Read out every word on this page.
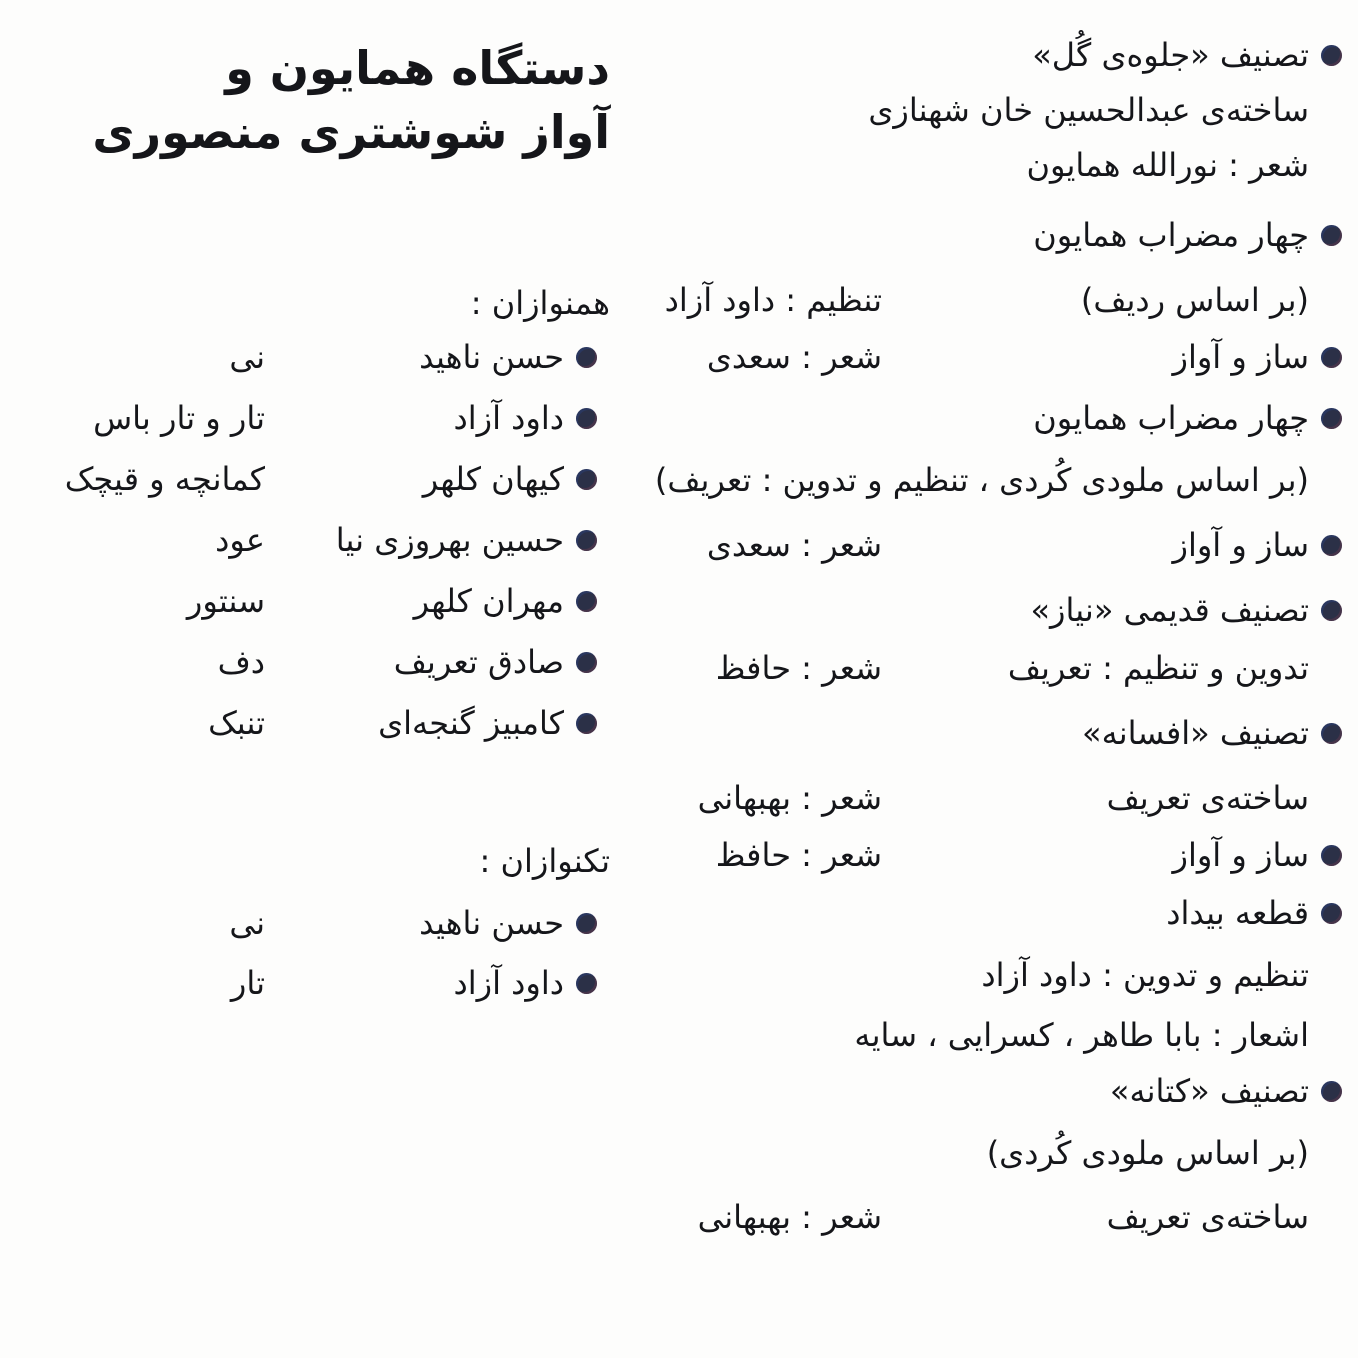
دستگاه همایون و
آواز شوشتری منصوری
تصنیف «جلوه‌ی گُل»
ساخته‌ی عبدالحسین خان شهنازی
شعر : نورالله همایون
چهار مضراب همایون
(بر اساس ردیف)
تنظیم : داود آزاد
ساز و آواز
شعر : سعدی
چهار مضراب همایون
(بر اساس ملودی کُردی ، تنظیم و تدوین : تعریف)
ساز و آواز
شعر : سعدی
تصنیف قدیمی «نیاز»
تدوین و تنظیم : تعریف
شعر : حافظ
تصنیف «افسانه»
ساخته‌ی تعریف
شعر : بهبهانی
ساز و آواز
شعر : حافظ
قطعه بیداد
تنظیم و تدوین : داود آزاد
اشعار : بابا طاهر ، کسرایی ، سایه
تصنیف «کتانه»
(بر اساس ملودی کُردی)
ساخته‌ی تعریف
شعر : بهبهانی
همنوازان :
حسن ناهید
نی
داود آزاد
تار و تار باس
کیهان کلهر
کمانچه و قیچک
حسین بهروزی نیا
عود
مهران کلهر
سنتور
صادق تعریف
دف
کامبیز گنجه‌ای
تنبک
تکنوازان :
حسن ناهید
نی
داود آزاد
تار
